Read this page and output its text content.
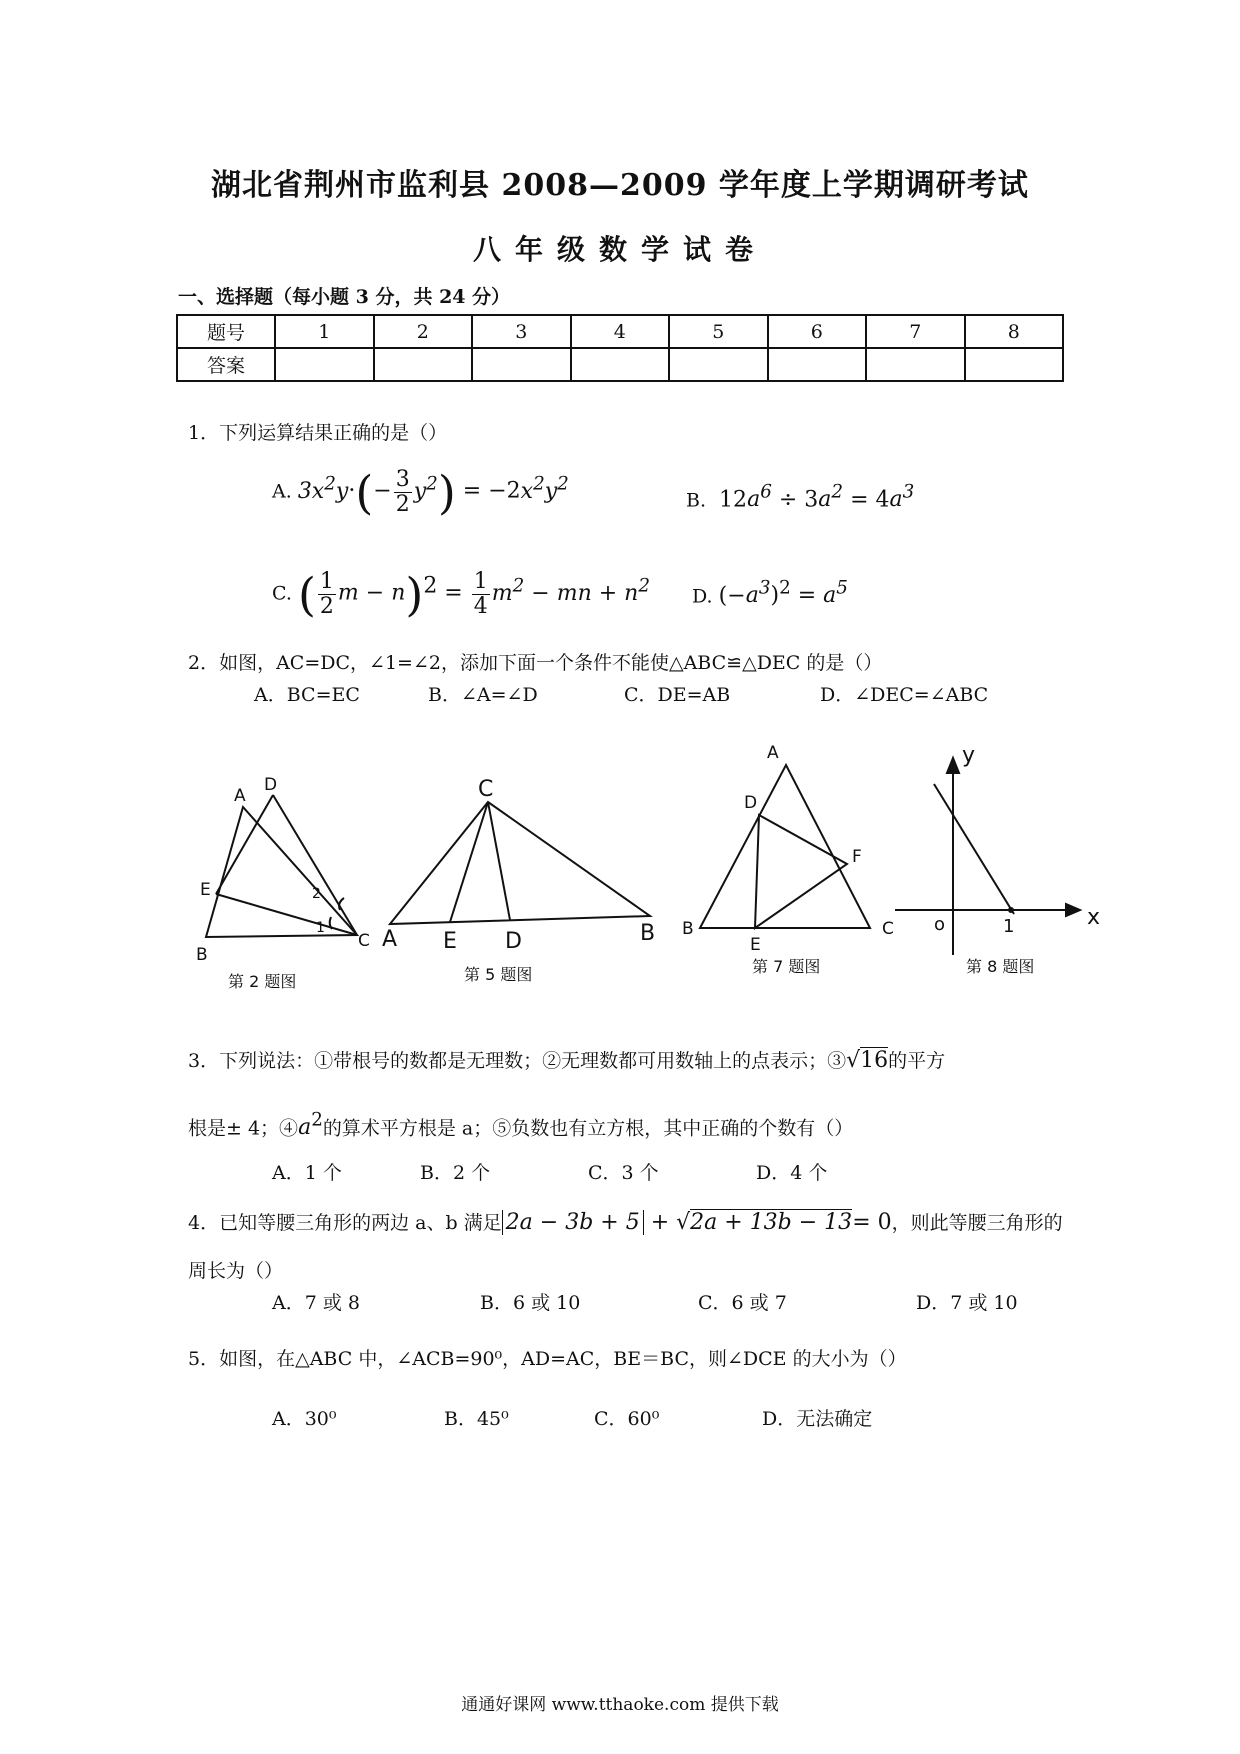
湖北省荆州市监利县 2008—2009 学年度上学期调研考试
八年级数学试卷
一、选择题（每小题 3 分，共 24 分）
题号	1	2	3	4	5	6	7	8
答案								
1．下列运算结果正确的是（）
A. $3x^2y\cdot(- \frac{3}{2} y^2) = -2x^2y^2$
B.  $12a^6 \div 3a^2 = 4a^3$
C. ( $\frac{1}{2}$ $m - n)^2 = \frac{1}{4} m^2$ − mn + $n^2$ D. $(-a^3)^2 = a^5$
2．如图，AC=DC，∠1=∠2，添加下面一个条件不能使△ABC≌△DEC 的是（）
A．BC=EC	B．∠A=∠D	C．DE=AB	D．∠DEC=∠ABC
D
A
E
B
C
1
2
第 2 题图
C
A E D	B
第 5 题图
A
D
F
B
E
C
第 7 题图
y
x
o	1
第 8 题图
3．下列说法：①带根号的数都是无理数；②无理数都可用数轴上的点表示；③√16的平方
根是± 4；$④a^2$的算术平方根是 a；⑤负数也有立方根，其中正确的个数有（）
A．1 个	B．2 个	C．3 个	D．4 个
4．已知等腰三角形的两边 a、b 满足 2a − 3b + 5 + √2a + 13b − 13= 0，则此等腰三角形的
周长为（）
A．7 或 8	B．6 或 10	C．6 或 7	D．7 或 10
5．如图，在△ABC 中，∠ACB=90⁰，AD=AC，BE＝BC，则∠DCE 的大小为（）
A．30⁰	B．45⁰	C．60⁰	D．无法确定
通通好课网 www.tthaoke.com 提供下载
